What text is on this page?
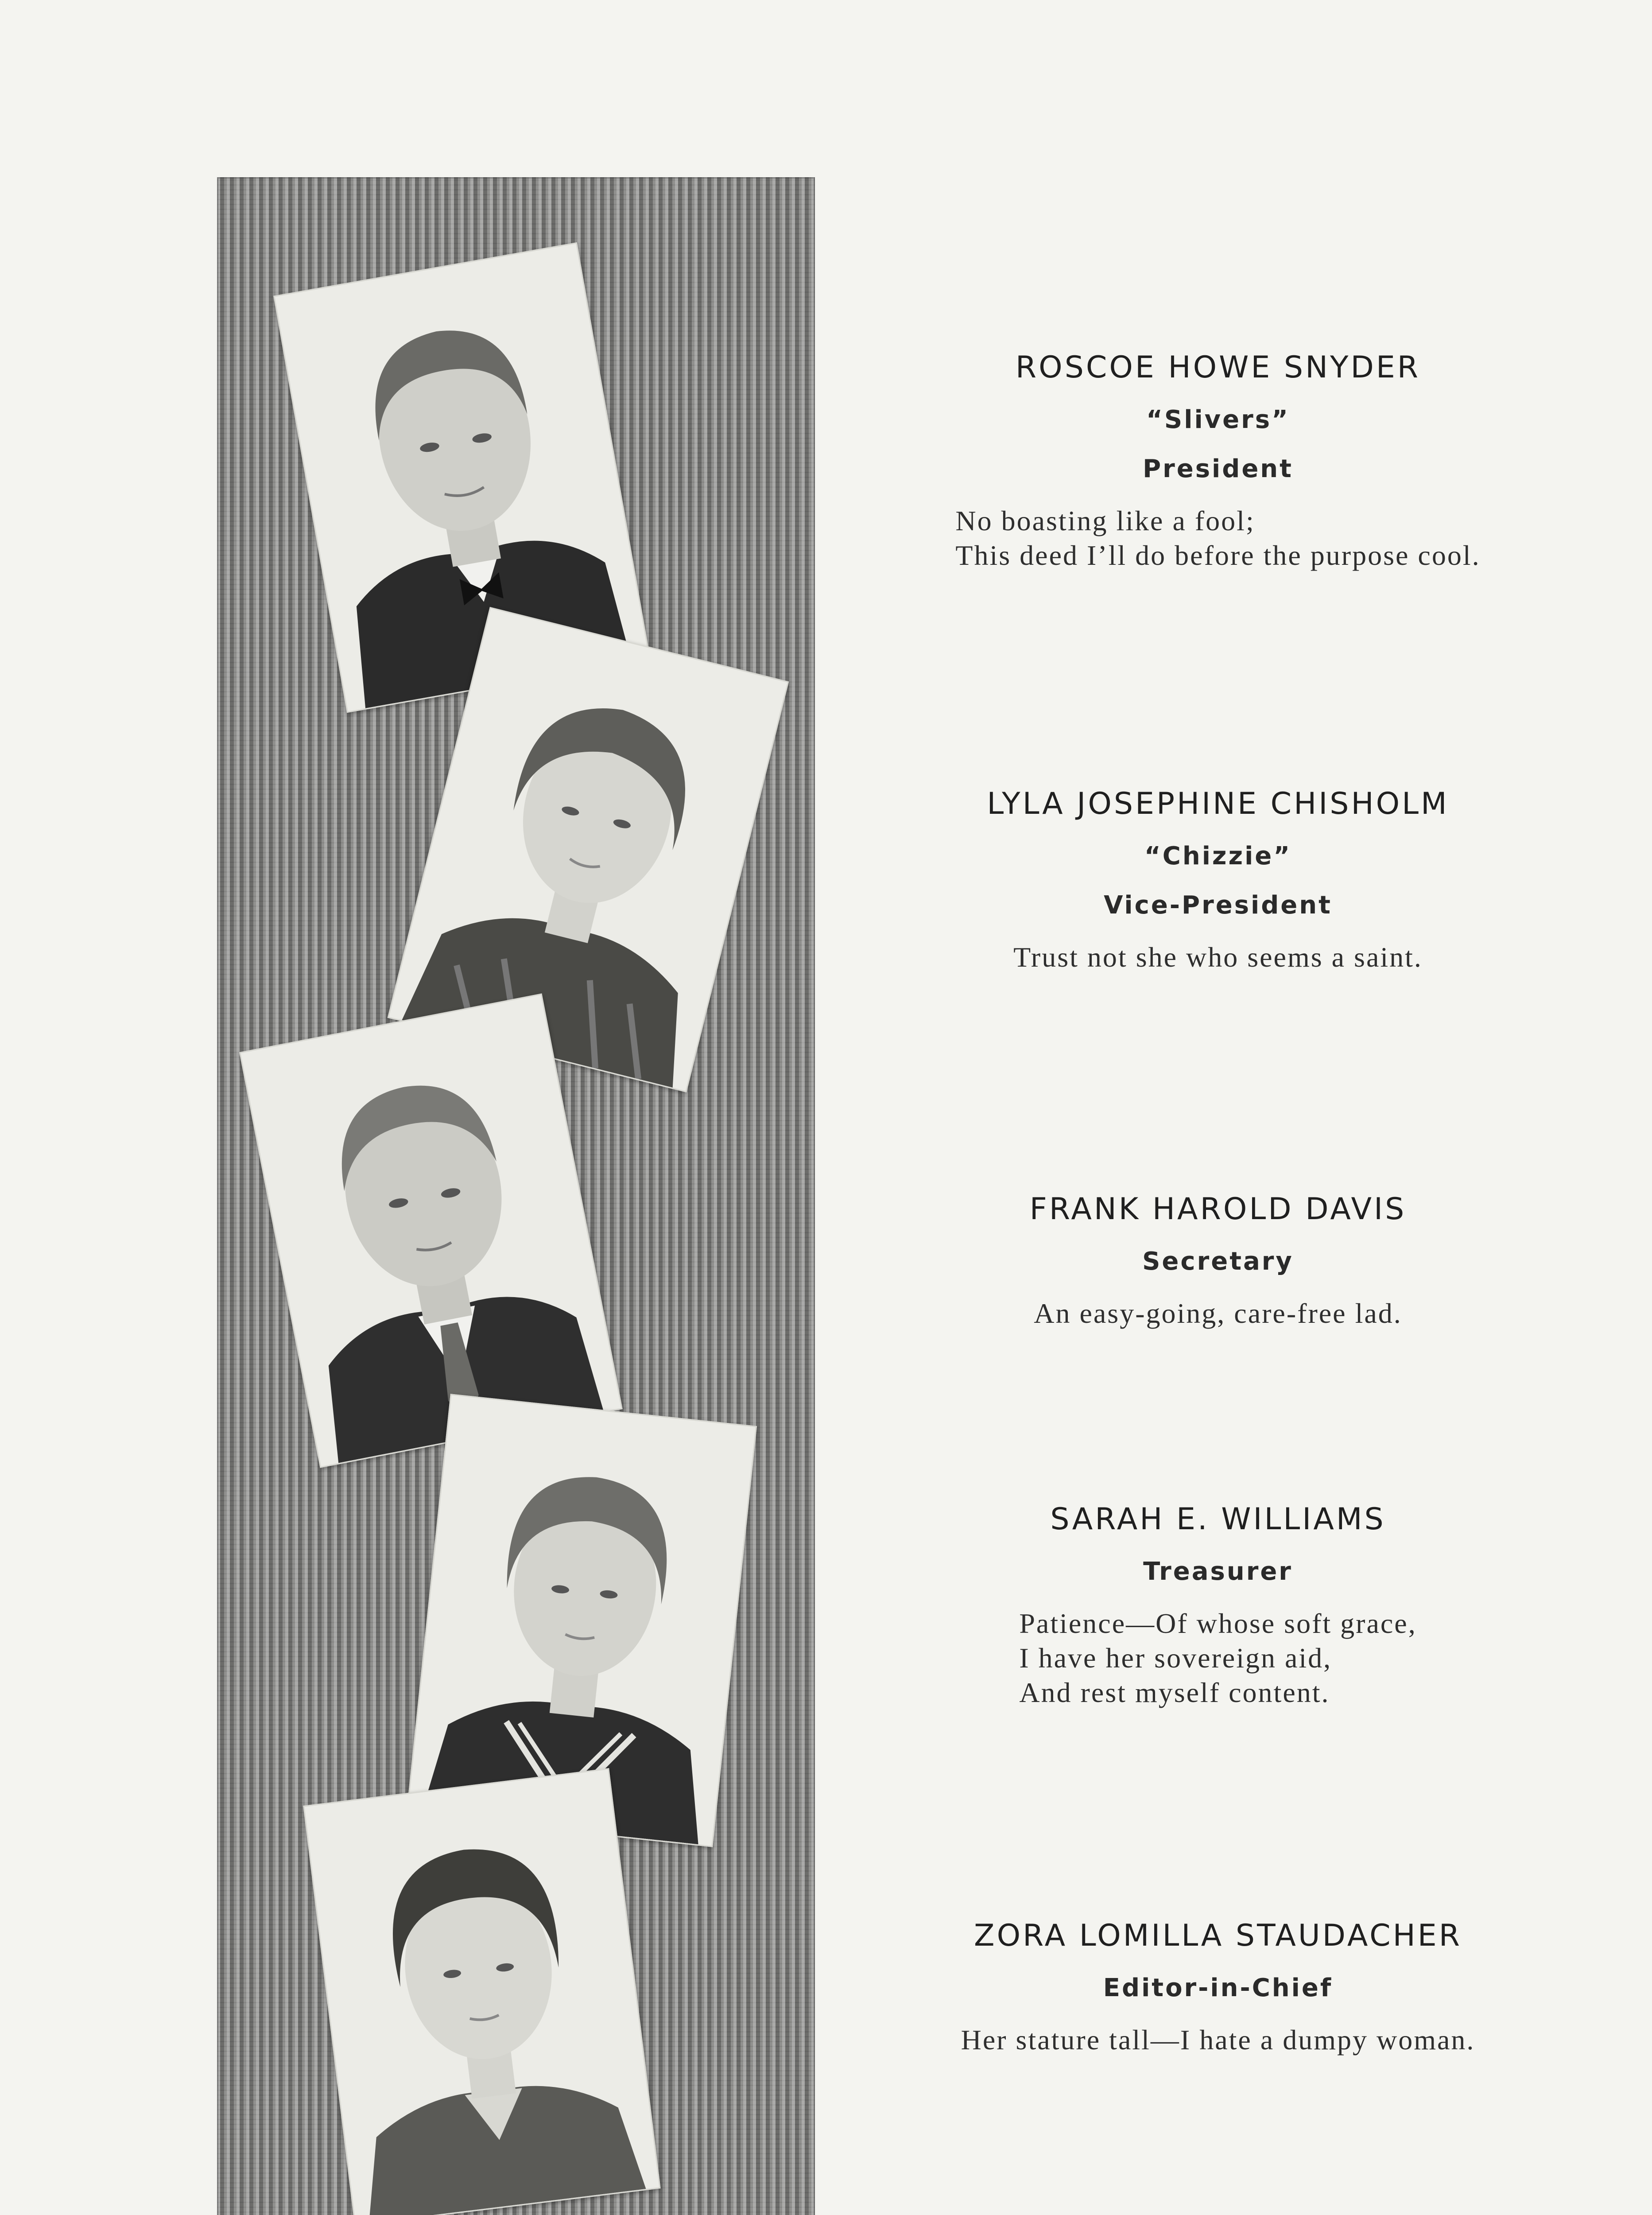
ROSCOE HOWE SNYDER
“Slivers”
President
No boasting like a fool;
This deed I’ll do before the purpose cool.
LYLA JOSEPHINE CHISHOLM
“Chizzie”
Vice-President
Trust not she who seems a saint.
FRANK HAROLD DAVIS
Secretary
An easy-going, care-free lad.
SARAH E. WILLIAMS
Treasurer
Patience—Of whose soft grace,
I have her sovereign aid,
And rest myself content.
ZORA LOMILLA STAUDACHER
Editor-in-Chief
Her stature tall—I hate a dumpy woman.
